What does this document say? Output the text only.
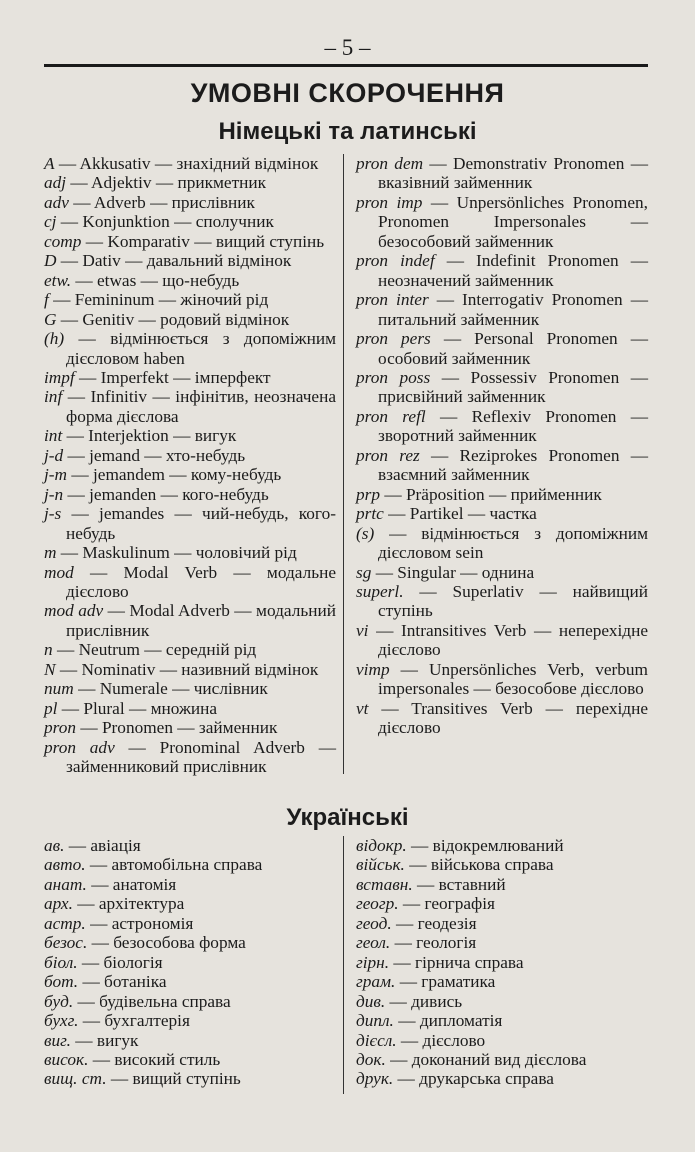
– 5 –
УМОВНІ СКОРОЧЕННЯ
Німецькі та латинські

A — Akkusativ — знахідний відмінок

adj — Adjektiv — прикметник

adv — Adverb — прислівник

cj — Konjunktion — сполучник

comp — Komparativ — вищий ступінь

D — Dativ — давальний відмінок

etw. — etwas — що-небудь

f — Femininum — жіночий рід

G — Genitiv — родовий відмінок

(h) — відмінюється з допоміжним дієсловом haben

impf — Imperfekt — імперфект

inf — Infinitiv — інфінітив, неозначена форма дієслова

int — Interjektion — вигук

j-d — jemand — хто-небудь

j-m — jemandem — кому-небудь

j-n — jemanden — кого-небудь

j-s — jemandes — чий-небудь, кого-небудь

m — Maskulinum — чоловічий рід

mod — Modal Verb — модальне дієслово

mod adv — Modal Adverb — модальний прислівник

n — Neutrum — середній рід

N — Nominativ — називний відмінок

num — Numerale — числівник

pl — Plural — множина

pron — Pronomen — займенник

pron adv — Pronominal Adverb — займенниковий прислівник

pron dem — Demonstrativ Pronomen — вказівний займенник

pron imp — Unpersönliches Pronomen, Pronomen Impersonales — безособовий займенник

pron indef — Indefinit Pronomen — неозначений займенник

pron inter — Interrogativ Pronomen — питальний займенник

pron pers — Personal Pronomen — особовий займенник

pron poss — Possessiv Pronomen — присвійний займенник

pron refl — Reflexiv Pronomen — зворотний займенник

pron rez — Reziprokes Pronomen — взаємний займенник

prp — Präposition — прийменник

prtc — Partikel — частка

(s) — відмінюється з допоміжним дієсловом sein

sg — Singular — однина

superl. — Superlativ — найвищий ступінь

vi — Intransitives Verb — неперехідне дієслово

vimp — Unpersönliches Verb, verbum impersonales — безособове дієслово

vt — Transitives Verb — перехідне дієслово

Українські

ав. — авіація

авто. — автомобільна справа

анат. — анатомія

арх. — архітектура

астр. — астрономія

безос. — безособова форма

біол. — біологія

бот. — ботаніка

буд. — будівельна справа

бухг. — бухгалтерія

виг. — вигук

висок. — високий стиль

вищ. ст. — вищий ступінь

відокр. — відокремлюваний

військ. — військова справа

вставн. — вставний

геогр. — географія

геод. — геодезія

геол. — геологія

гірн. — гірнича справа

грам. — граматика

див. — дивись

дипл. — дипломатія

дієсл. — дієслово

док. — доконаний вид дієслова

друк. — друкарська справа
